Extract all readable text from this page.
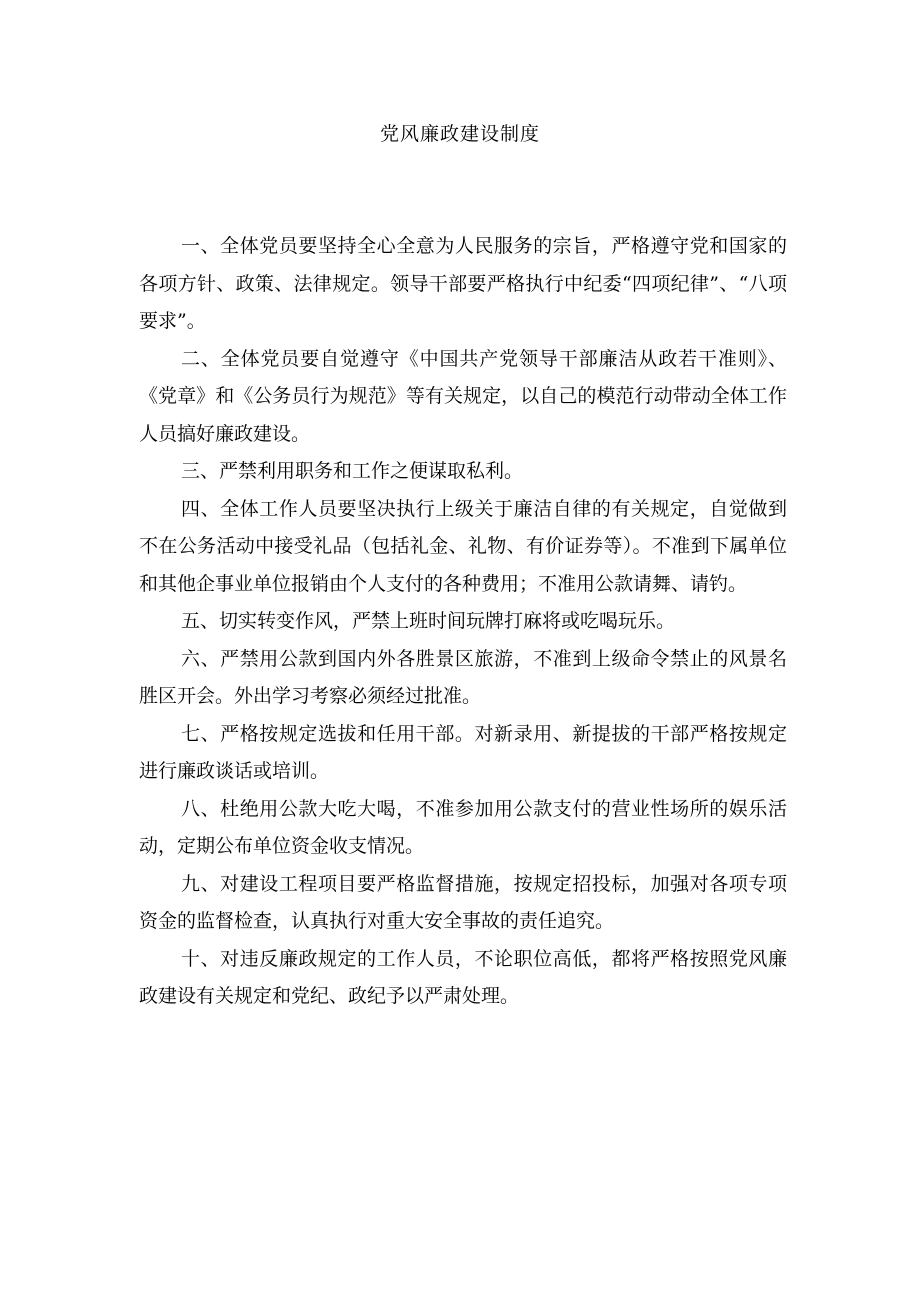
党风廉政建设制度

一、全体党员要坚持全心全意为人民服务的宗旨，严格遵守党和国家的各项方针、政策、法律规定。领导干部要严格执行中纪委“四项纪律”、“八项要求”。

二、全体党员要自觉遵守《中国共产党领导干部廉洁从政若干准则》、《党章》和《公务员行为规范》等有关规定，以自己的模范行动带动全体工作人员搞好廉政建设。

三、严禁利用职务和工作之便谋取私利。

四、全体工作人员要坚决执行上级关于廉洁自律的有关规定，自觉做到不在公务活动中接受礼品（包括礼金、礼物、有价证券等）。不准到下属单位和其他企事业单位报销由个人支付的各种费用；不准用公款请舞、请钓。

五、切实转变作风，严禁上班时间玩牌打麻将或吃喝玩乐。

六、严禁用公款到国内外各胜景区旅游，不准到上级命令禁止的风景名胜区开会。外出学习考察必须经过批准。

七、严格按规定选拔和任用干部。对新录用、新提拔的干部严格按规定进行廉政谈话或培训。

八、杜绝用公款大吃大喝，不准参加用公款支付的营业性场所的娱乐活动，定期公布单位资金收支情况。

九、对建设工程项目要严格监督措施，按规定招投标，加强对各项专项资金的监督检查，认真执行对重大安全事故的责任追究。

十、对违反廉政规定的工作人员，不论职位高低，都将严格按照党风廉政建设有关规定和党纪、政纪予以严肃处理。
